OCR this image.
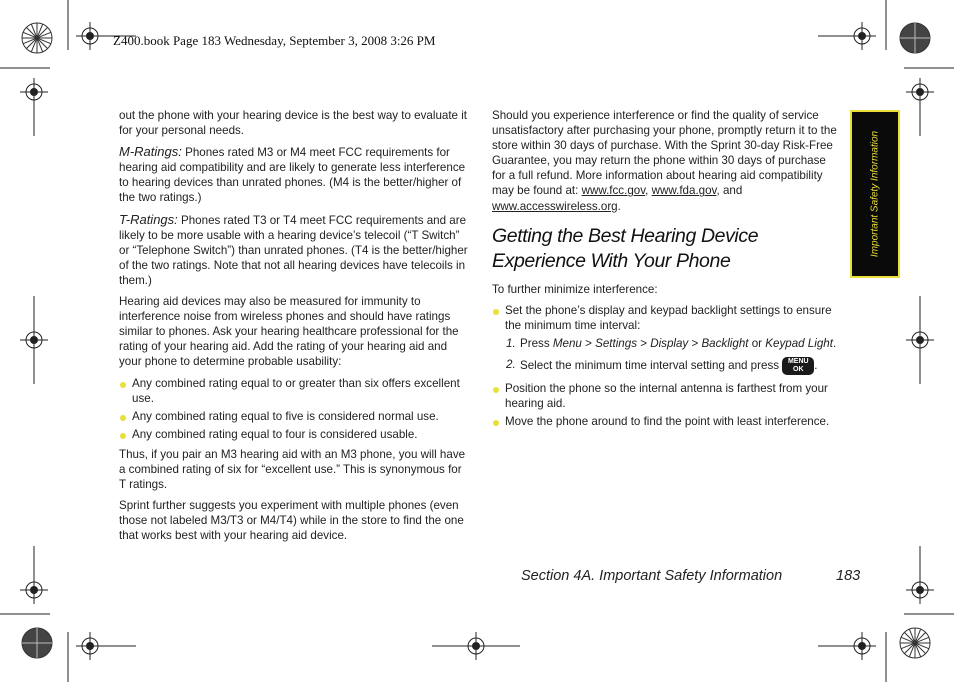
Z400.book Page 183 Wednesday, September 3, 2008 3:26 PM

out the phone with your hearing device is the best way to evaluate it for your personal needs.

M-Ratings: Phones rated M3 or M4 meet FCC requirements for hearing aid compatibility and are likely to generate less interference to hearing devices than unrated phones. (M4 is the better/higher of the two ratings.)

T-Ratings: Phones rated T3 or T4 meet FCC requirements and are likely to be more usable with a hearing device’s telecoil (“T Switch” or “Telephone Switch”) than unrated phones. (T4 is the better/higher of the two ratings. Note that not all hearing devices have telecoils in them.)

Hearing aid devices may also be measured for immunity to interference noise from wireless phones and should have ratings similar to phones. Ask your hearing healthcare professional for the rating of your hearing aid. Add the rating of your hearing aid and your phone to determine probable usability:

Any combined rating equal to or greater than six offers excellent use.
Any combined rating equal to five is considered normal use.
Any combined rating equal to four is considered usable.

Thus, if you pair an M3 hearing aid with an M3 phone, you will have a combined rating of six for “excellent use.” This is synonymous for T ratings.

Sprint further suggests you experiment with multiple phones (even those not labeled M3/T3 or M4/T4) while in the store to find the one that works best with your hearing aid device.

Should you experience interference or find the quality of service unsatisfactory after purchasing your phone, promptly return it to the store within 30 days of purchase. With the Sprint 30-day Risk-Free Guarantee, you may return the phone within 30 days of purchase for a full refund. More information about hearing aid compatibility may be found at: www.fcc.gov, www.fda.gov, and www.accesswireless.org.

Getting the Best Hearing Device Experience With Your Phone

To further minimize interference:

Set the phone’s display and keypad backlight settings to ensure the minimum time interval:
1. Press Menu > Settings > Display > Backlight or Keypad Light.
2. Select the minimum time interval setting and press MENU
OK .
Position the phone so the internal antenna is farthest from your hearing aid.
Move the phone around to find the point with least interference.
Important Safety Information
Section 4A. Important Safety Information	183
